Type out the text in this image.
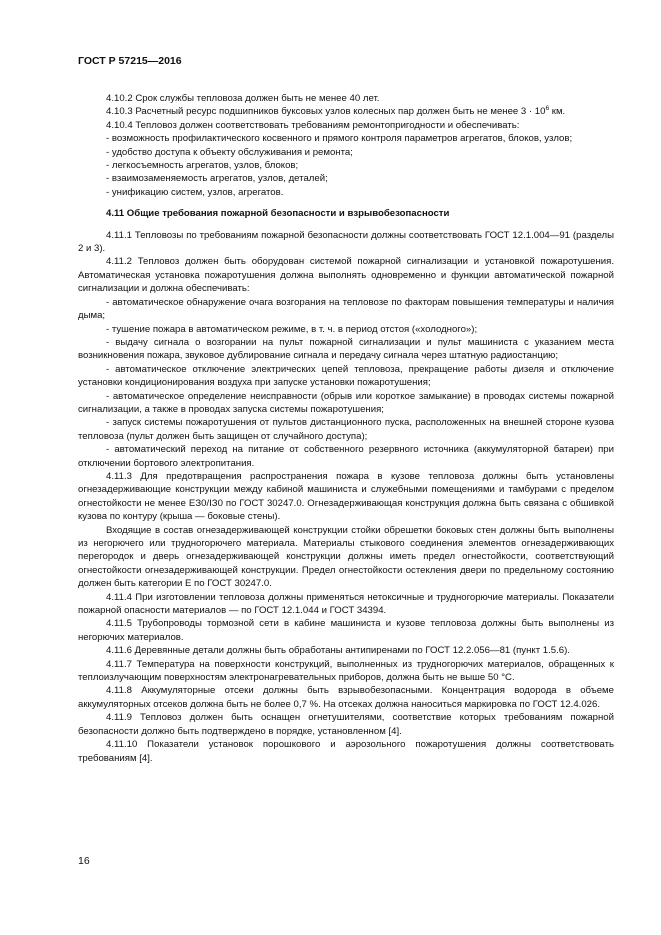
ГОСТ Р 57215—2016

4.10.2 Срок службы тепловоза должен быть не менее 40 лет.

4.10.3 Расчетный ресурс подшипников буксовых узлов колесных пар должен быть не менее $3 \cdot 10^6$ км.

4.10.4 Тепловоз должен соответствовать требованиям ремонтопригодности и обеспечивать:

- возможность профилактического косвенного и прямого контроля параметров агрегатов, блоков, узлов;

- удобство доступа к объекту обслуживания и ремонта;

- легкосъемность агрегатов, узлов, блоков;

- взаимозаменяемость агрегатов, узлов, деталей;

- унификацию систем, узлов, агрегатов.

4.11 Общие требования пожарной безопасности и взрывобезопасности

4.11.1 Тепловозы по требованиям пожарной безопасности должны соответствовать ГОСТ 12.1.004—91 (разделы 2 и 3).

4.11.2 Тепловоз должен быть оборудован системой пожарной сигнализации и установкой пожаротушения. Автоматическая установка пожаротушения должна выполнять одновременно и функции автоматической пожарной сигнализации и должна обеспечивать:

- автоматическое обнаружение очага возгорания на тепловозе по факторам повышения температуры и наличия дыма;

- тушение пожара в автоматическом режиме, в т. ч. в период отстоя («холодного»);

- выдачу сигнала о возгорании на пульт пожарной сигнализации и пульт машиниста с указанием места возникновения пожара, звуковое дублирование сигнала и передачу сигнала через штатную радиостанцию;

- автоматическое отключение электрических цепей тепловоза, прекращение работы дизеля и отключение установки кондиционирования воздуха при запуске установки пожаротушения;

- автоматическое определение неисправности (обрыв или короткое замыкание) в проводах системы пожарной сигнализации, а также в проводах запуска системы пожаротушения;

- запуск системы пожаротушения от пультов дистанционного пуска, расположенных на внешней стороне кузова тепловоза (пульт должен быть защищен от случайного доступа);

- автоматический переход на питание от собственного резервного источника (аккумуляторной батареи) при отключении бортового электропитания.

4.11.3 Для предотвращения распространения пожара в кузове тепловоза должны быть установлены огнезадерживающие конструкции между кабиной машиниста и служебными помещениями и тамбурами с пределом огнестойкости не менее EЗ0/IЗ0 по ГОСТ 30247.0. Огнезадерживающая конструкция должна быть связана с обшивкой кузова по контуру (крыша — боковые стены).

Входящие в состав огнезадерживающей конструкции стойки обрешетки боковых стен должны быть выполнены из негорючего или трудногорючего материала. Материалы стыкового соединения элементов огнезадерживающих перегородок и дверь огнезадерживающей конструкции должны иметь предел огнестойкости, соответствующий огнестойкости огнезадерживающей конструкции. Предел огнестойкости остекления двери по предельному состоянию должен быть категории E по ГОСТ 30247.0.

4.11.4 При изготовлении тепловоза должны применяться нетоксичные и трудногорючие материалы. Показатели пожарной опасности материалов — по ГОСТ 12.1.044 и ГОСТ 34394.

4.11.5 Трубопроводы тормозной сети в кабине машиниста и кузове тепловоза должны быть выполнены из негорючих материалов.

4.11.6 Деревянные детали должны быть обработаны антипиренами по ГОСТ 12.2.056—81 (пункт 1.5.6).

4.11.7 Температура на поверхности конструкций, выполненных из трудногорючих материалов, обращенных к теплоизлучающим поверхностям электронагревательных приборов, должна быть не выше 50 °С.

4.11.8 Аккумуляторные отсеки должны быть взрывобезопасными. Концентрация водорода в объеме аккумуляторных отсеков должна быть не более 0,7 %. На отсеках должна наноситься маркировка по ГОСТ 12.4.026.

4.11.9 Тепловоз должен быть оснащен огнетушителями, соответствие которых требованиям пожарной безопасности должно быть подтверждено в порядке, установленном [4].

4.11.10 Показатели установок порошкового и аэрозольного пожаротушения должны соответствовать требованиям [4].

16
